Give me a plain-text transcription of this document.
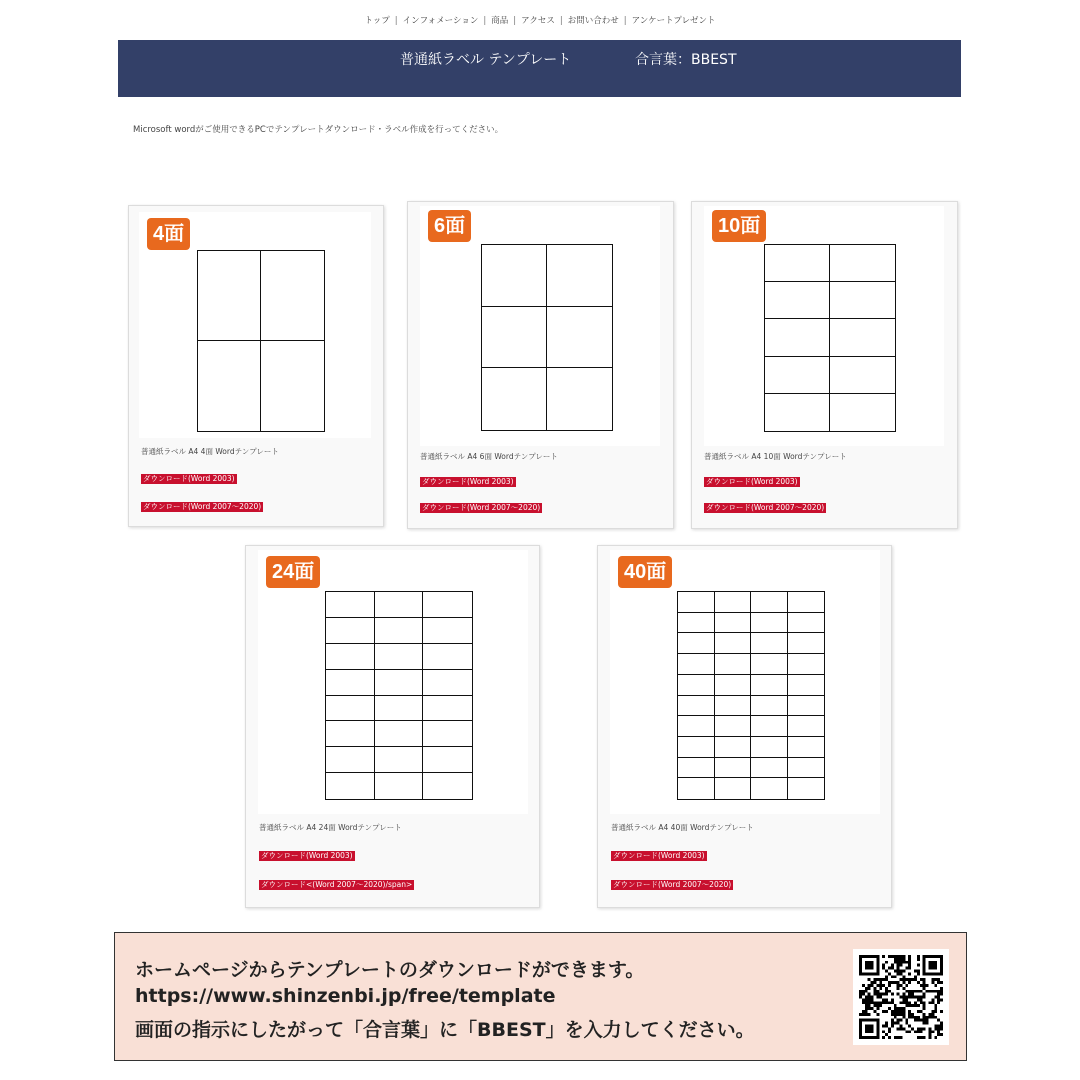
トップ | インフォメーション | 商品 | アクセス | お問い合わせ | アンケートプレゼント
普通紙ラベル テンプレート	合言葉：BBEST
Microsoft wordがご使用できるPCでテンプレートダウンロード・ラベル作成を行ってください。
4面
普通紙ラベル A4 4面 Wordテンプレート
ダウンロード(Word 2003)
ダウンロード(Word 2007～2020)
6面
普通紙ラベル A4 6面 Wordテンプレート
ダウンロード(Word 2003)
ダウンロード(Word 2007～2020)
10面
普通紙ラベル A4 10面 Wordテンプレート
ダウンロード(Word 2003)
ダウンロード(Word 2007～2020)
24面
普通紙ラベル A4 24面 Wordテンプレート
ダウンロード(Word 2003)
ダウンロード<(Word 2007～2020)/span>
40面
普通紙ラベル A4 40面 Wordテンプレート
ダウンロード(Word 2003)
ダウンロード(Word 2007～2020)
ホームページからテンプレートのダウンロードができます。
https://www.shinzenbi.jp/free/template
画面の指示にしたがって「合言葉」に「BBEST」を入力してください。
